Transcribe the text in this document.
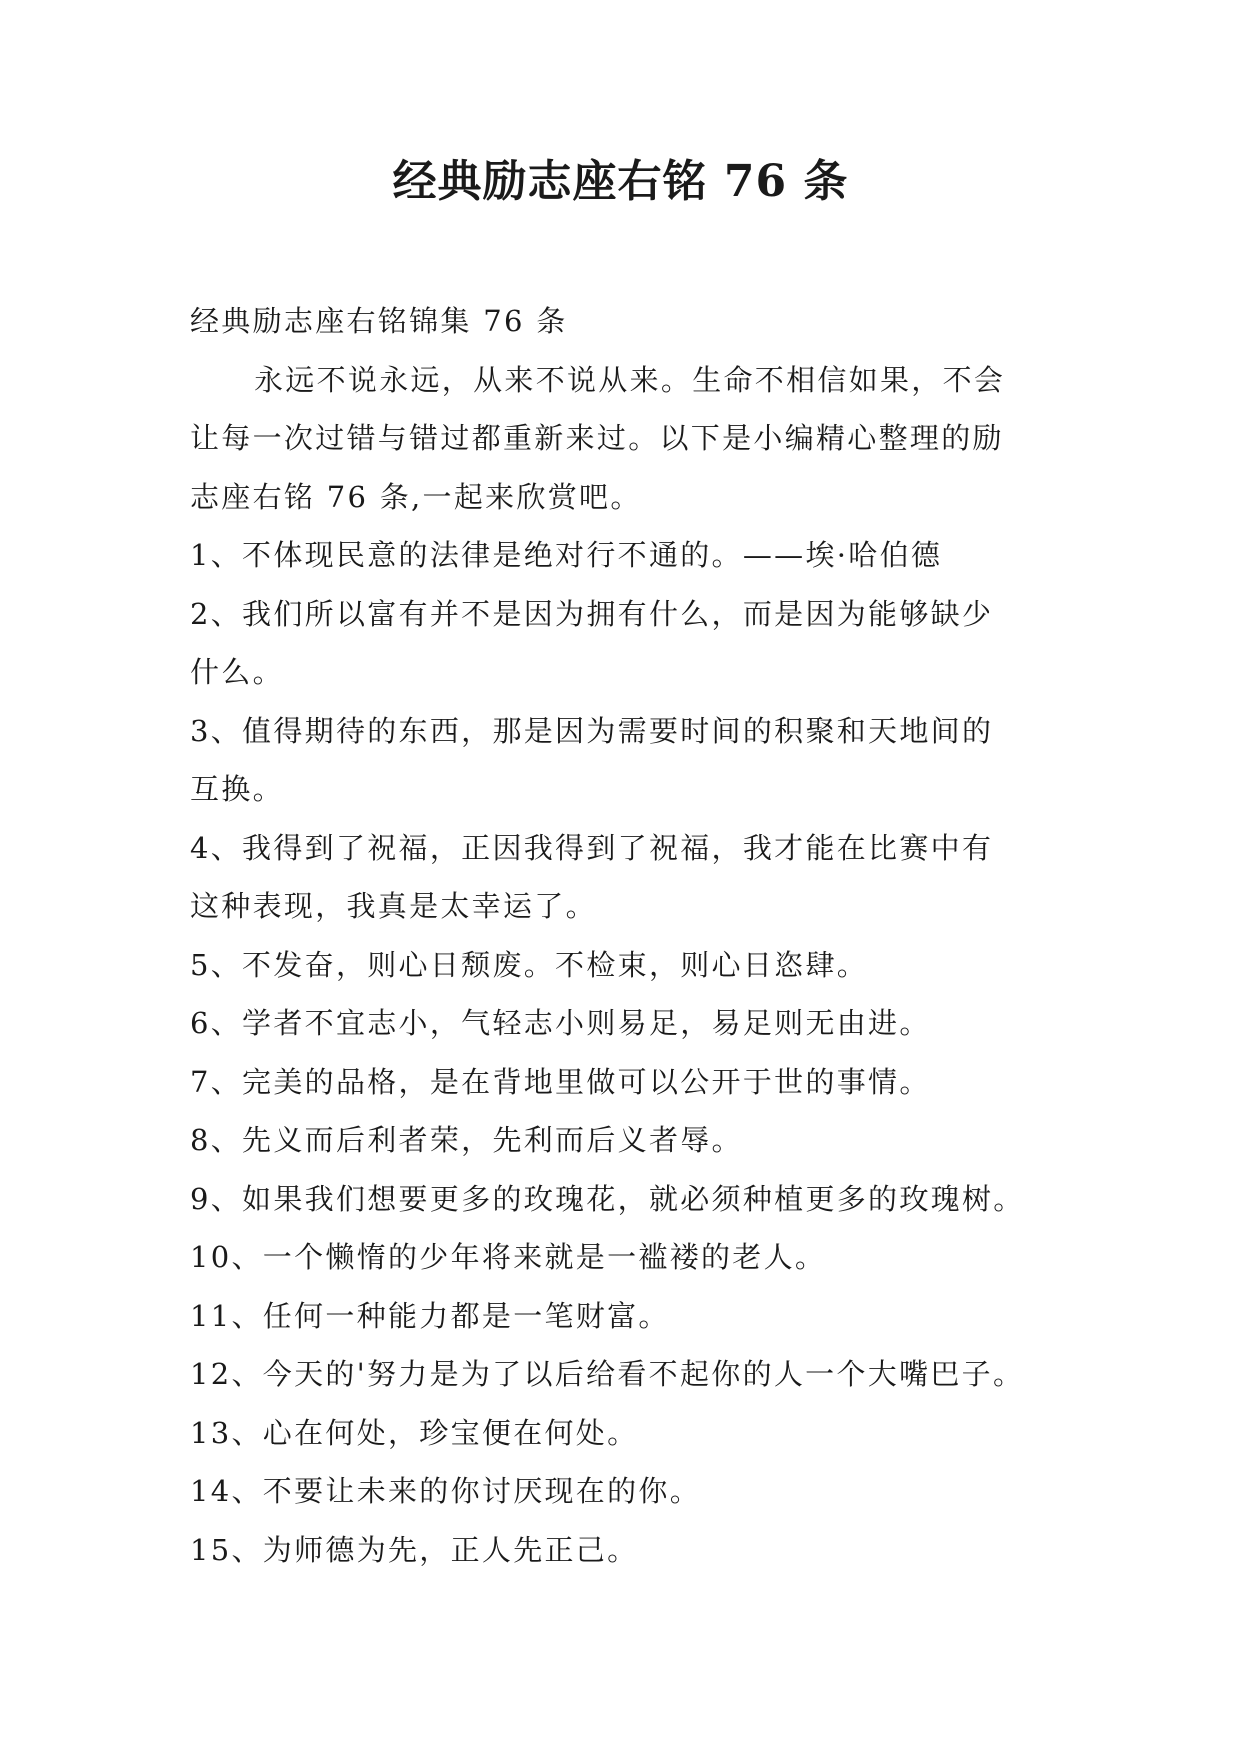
经典励志座右铭 76 条
经典励志座右铭锦集 76 条
永远不说永远，从来不说从来。生命不相信如果，不会
让每一次过错与错过都重新来过。以下是小编精心整理的励
志座右铭 76 条,一起来欣赏吧。
1、不体现民意的法律是绝对行不通的。——埃·哈伯德
2、我们所以富有并不是因为拥有什么，而是因为能够缺少
什么。
3、值得期待的东西，那是因为需要时间的积聚和天地间的
互换。
4、我得到了祝福，正因我得到了祝福，我才能在比赛中有
这种表现，我真是太幸运了。
5、不发奋，则心日颓废。不检束，则心日恣肆。
6、学者不宜志小，气轻志小则易足，易足则无由进。
7、完美的品格，是在背地里做可以公开于世的事情。
8、先义而后利者荣，先利而后义者辱。
9、如果我们想要更多的玫瑰花，就必须种植更多的玫瑰树。
10、一个懒惰的少年将来就是一褴褛的老人。
11、任何一种能力都是一笔财富。
12、今天的'努力是为了以后给看不起你的人一个大嘴巴子。
13、心在何处，珍宝便在何处。
14、不要让未来的你讨厌现在的你。
15、为师德为先，正人先正己。
